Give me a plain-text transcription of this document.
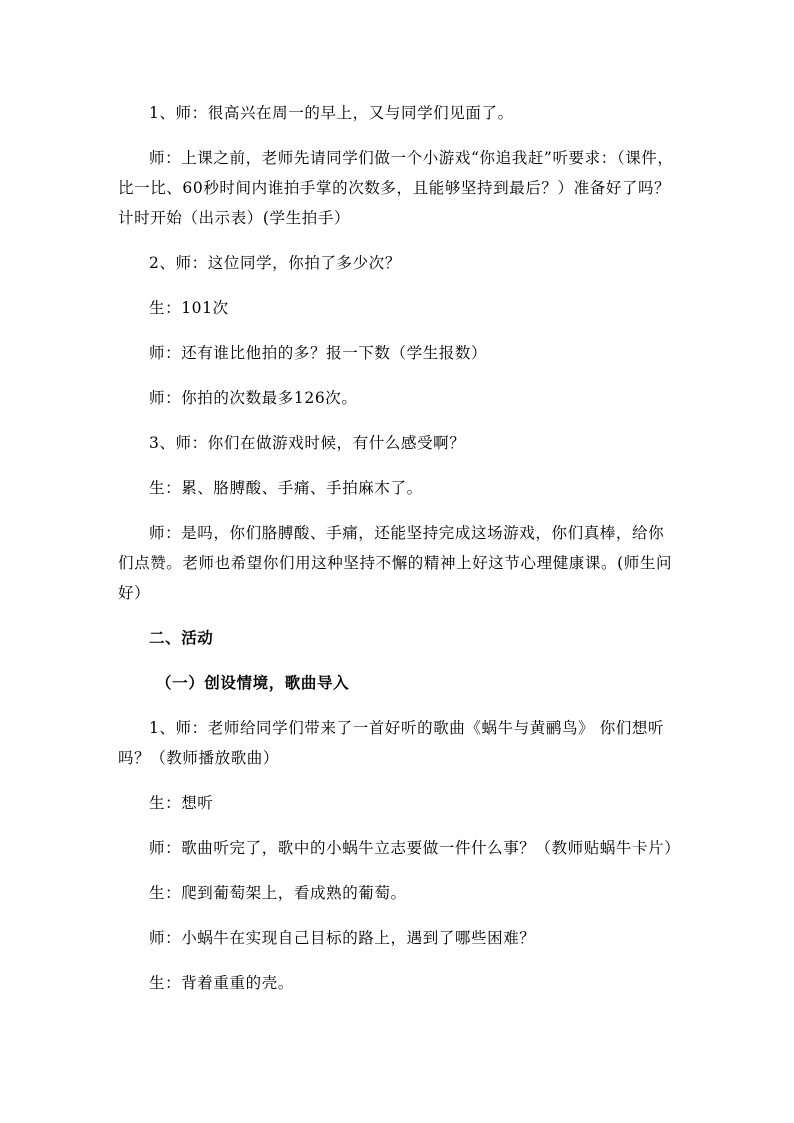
1、师：很高兴在周一的早上，又与同学们见面了。

师：上课之前，老师先请同学们做一个小游戏“你追我赶”听要求：（课件，比一比、60秒时间内谁拍手掌的次数多，且能够坚持到最后？）准备好了吗？计时开始（出示表）(学生拍手）

2、师：这位同学，你拍了多少次？

生：101次

师：还有谁比他拍的多？报一下数（学生报数）

师：你拍的次数最多126次。

3、师：你们在做游戏时候，有什么感受啊？

生：累、胳膊酸、手痛、手拍麻木了。

师：是吗，你们胳膊酸、手痛，还能坚持完成这场游戏，你们真棒，给你们点赞。老师也希望你们用这种坚持不懈的精神上好这节心理健康课。(师生问好）

二、活动

（一）创设情境，歌曲导入

1、师：老师给同学们带来了一首好听的歌曲《蜗牛与黄鹂鸟》 你们想听吗？（教师播放歌曲）

生：想听

师：歌曲听完了，歌中的小蜗牛立志要做一件什么事？（教师贴蜗牛卡片）

生：爬到葡萄架上，看成熟的葡萄。

师：小蜗牛在实现自己目标的路上，遇到了哪些困难？

生：背着重重的壳。
